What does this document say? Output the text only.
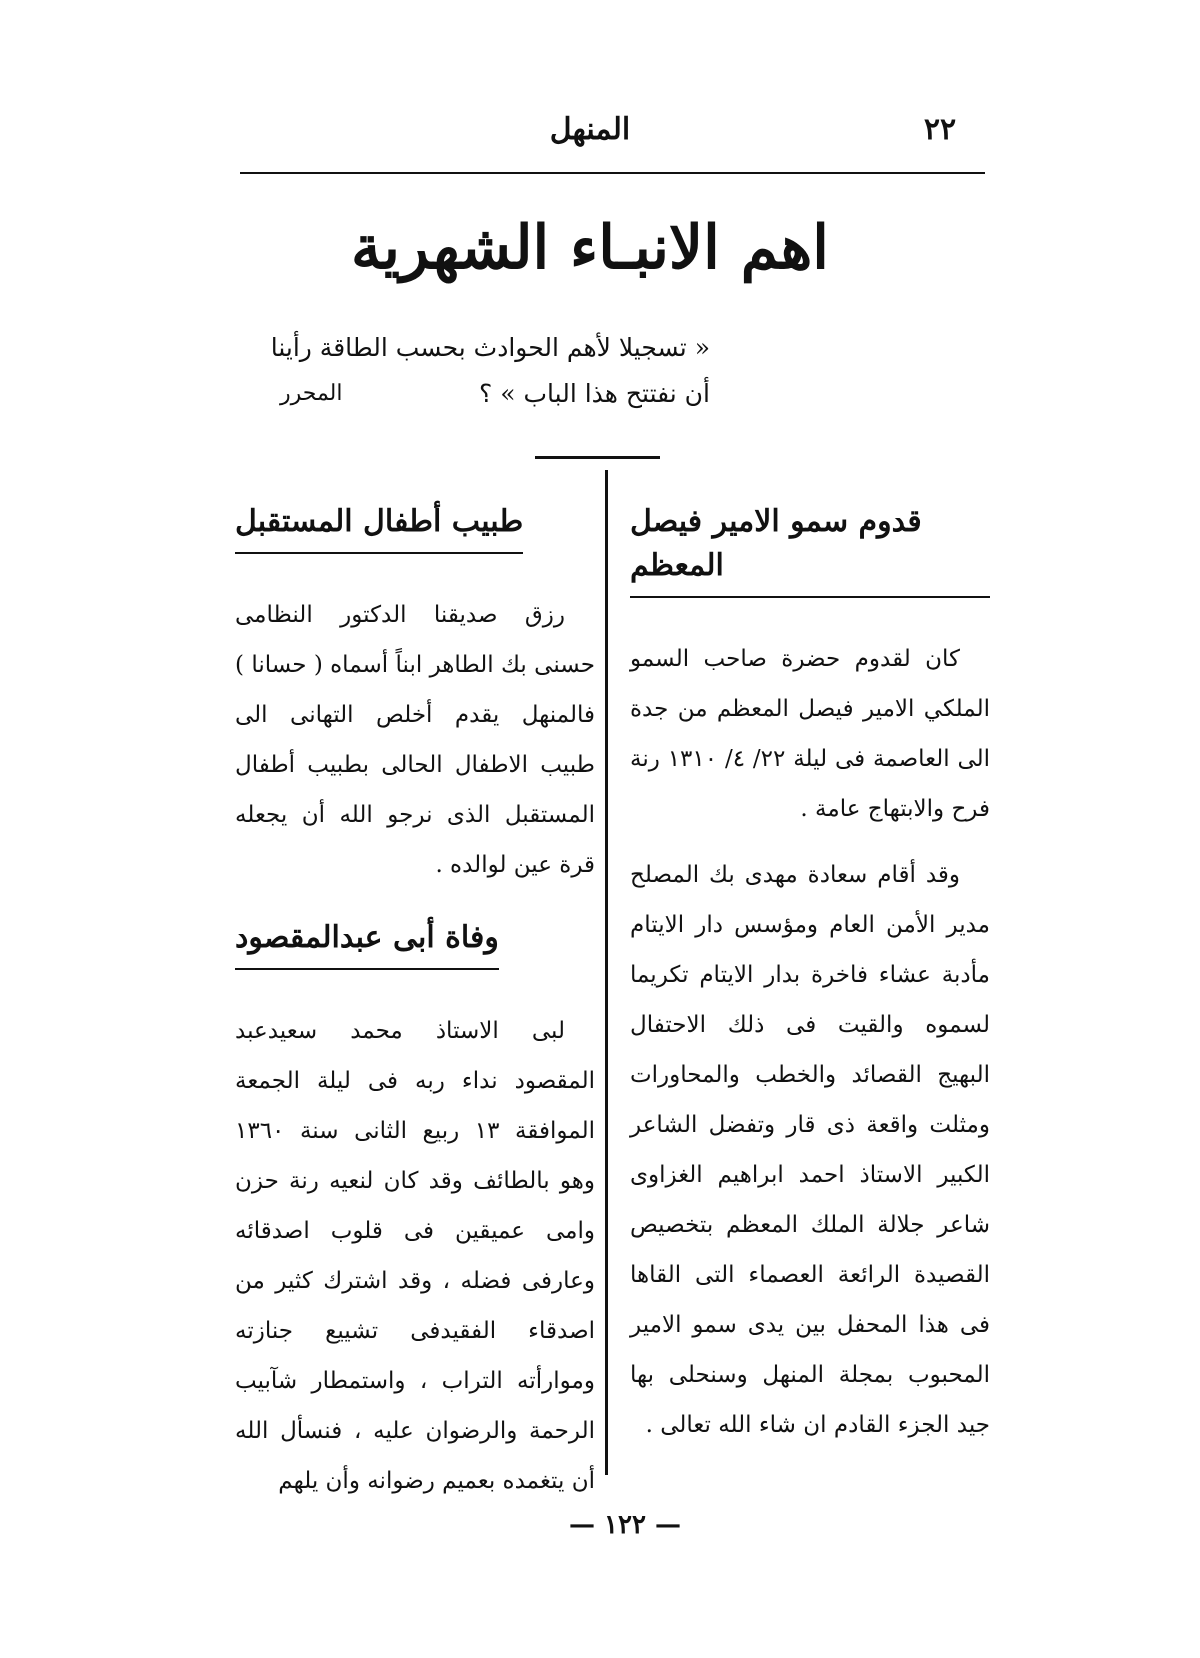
٢٢
المنهل
اهم الانبـاء الشهرية
« تسجيلا لأهم الحوادث بحسب الطاقة رأينا
أن نفتتح هذا الباب » ؟
المحرر
قدوم سمو الامير فيصل المعظم

كان لقدوم حضرة صاحب السمو الملكي الامير فيصل المعظم من جدة الى العاصمة فى ليلة ٢٢/ ٤/ ١٣١٠ رنة فرح والابتهاج عامة .

وقد أقام سعادة مهدى بك المصلح مدير الأمن العام ومؤسس دار الايتام مأدبة عشاء فاخرة بدار الايتام تكريما لسموه والقيت فى ذلك الاحتفال البهيج القصائد والخطب والمحاورات ومثلت واقعة ذى قار وتفضل الشاعر الكبير الاستاذ احمد ابراهيم الغزاوى شاعر جلالة الملك المعظم بتخصيص القصيدة الرائعة العصماء التى القاها فى هذا المحفل بين يدى سمو الامير المحبوب بمجلة المنهل وسنحلى بها جيد الجزء القادم ان شاء الله تعالى .

طبيب أطفال المستقبل

رزق صديقنا الدكتور النظامى حسنى بك الطاهر ابناً أسماه ( حسانا ) فالمنهل يقدم أخلص التهانى الى طبيب الاطفال الحالى بطبيب أطفال المستقبل الذى نرجو الله أن يجعله قرة عين لوالده .

وفاة أبى عبدالمقصود

لبى الاستاذ محمد سعيدعبد المقصود نداء ربه فى ليلة الجمعة الموافقة ١٣ ربيع الثانى سنة ١٣٦٠ وهو بالطائف وقد كان لنعيه رنة حزن وامى عميقين فى قلوب اصدقائه وعارفى فضله ، وقد اشترك كثير من اصدقاء الفقيدفى تشييع جنازته وموارأته التراب ، واستمطار شآبيب الرحمة والرضوان عليه ، فنسأل الله أن يتغمده بعميم رضوانه وأن يلهم

— ١٢٢ —
